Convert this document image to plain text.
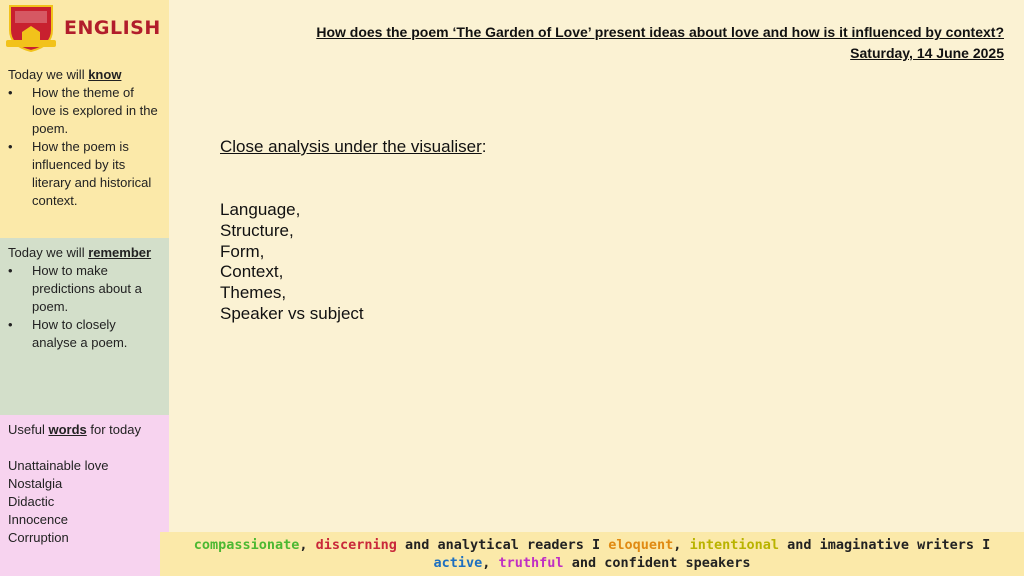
ENGLISH
Today we will know
• How the theme of love is explored in the poem.
• How the poem is influenced by its literary and historical context.
Today we will remember
• How to make predictions about a poem.
• How to closely analyse a poem.
Useful words for today
Unattainable love
Nostalgia
Didactic
Innocence
Corruption
How does the poem ‘The Garden of Love’ present ideas about love and how is it influenced by context?
Saturday, 14 June 2025
Close analysis under the visualiser:
Language,
Structure,
Form,
Context,
Themes,
Speaker vs subject
compassionate, discerning and analytical readers I eloquent, intentional and imaginative writers I
active, truthful and confident speakers
